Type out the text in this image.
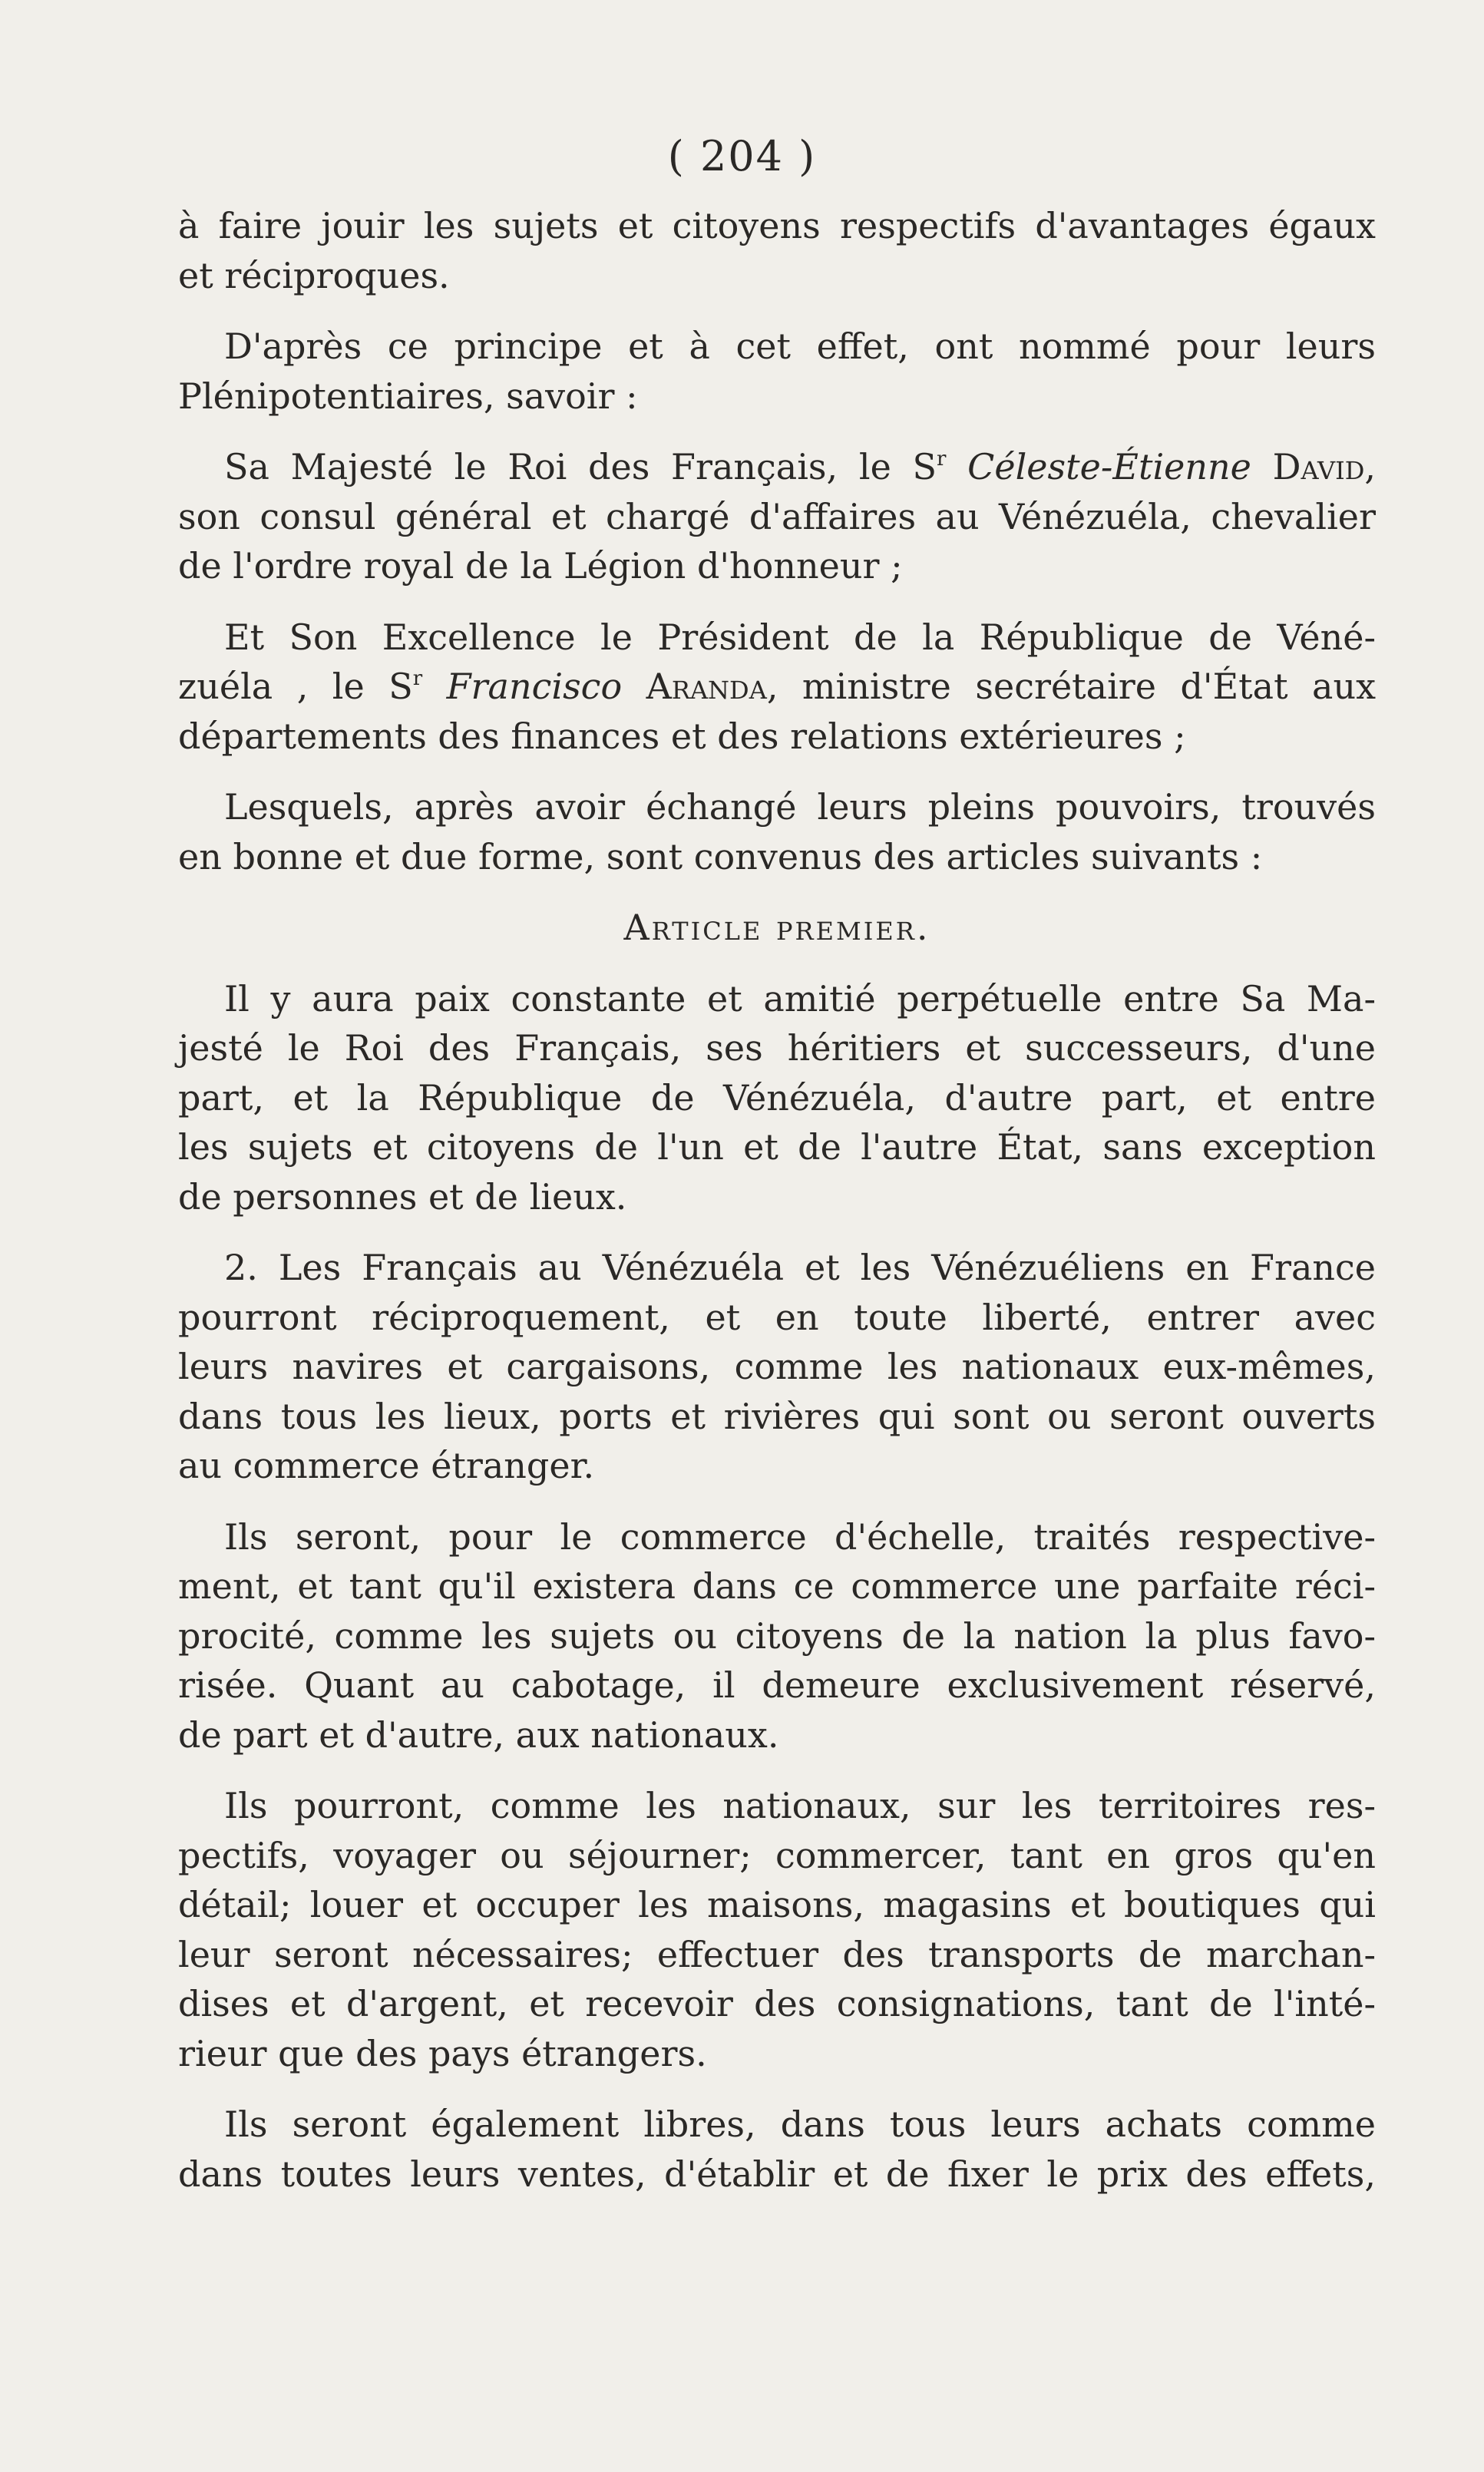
( 204 )

à faire jouir les sujets et citoyens respectifs d'avantages égaux
et réciproques.

D'après ce principe et à cet effet, ont nommé pour leurs
Plénipotentiaires, savoir :

Sa Majesté le Roi des Français, le $S^r$ Céleste-Étienne David,
son consul général et chargé d'affaires au Vénézuéla, chevalier
de l'ordre royal de la Légion d'honneur ;

Et Son Excellence le Président de la République de Véné-
zuéla , le $S^r$ Francisco Aranda, ministre secrétaire d'État aux
départements des finances et des relations extérieures ;

Lesquels, après avoir échangé leurs pleins pouvoirs, trouvés
en bonne et due forme, sont convenus des articles suivants :

Article premier.

Il y aura paix constante et amitié perpétuelle entre Sa Ma-
jesté le Roi des Français, ses héritiers et successeurs, d'une
part, et la République de Vénézuéla, d'autre part, et entre
les sujets et citoyens de l'un et de l'autre État, sans exception
de personnes et de lieux.

2. Les Français au Vénézuéla et les Vénézuéliens en France
pourront réciproquement, et en toute liberté, entrer avec
leurs navires et cargaisons, comme les nationaux eux-mêmes,
dans tous les lieux, ports et rivières qui sont ou seront ouverts
au commerce étranger.

Ils seront, pour le commerce d'échelle, traités respective-
ment, et tant qu'il existera dans ce commerce une parfaite réci-
procité, comme les sujets ou citoyens de la nation la plus favo-
risée. Quant au cabotage, il demeure exclusivement réservé,
de part et d'autre, aux nationaux.

Ils pourront, comme les nationaux, sur les territoires res-
pectifs, voyager ou séjourner; commercer, tant en gros qu'en
détail; louer et occuper les maisons, magasins et boutiques qui
leur seront nécessaires; effectuer des transports de marchan-
dises et d'argent, et recevoir des consignations, tant de l'inté-
rieur que des pays étrangers.

Ils seront également libres, dans tous leurs achats comme
dans toutes leurs ventes, d'établir et de fixer le prix des effets,
